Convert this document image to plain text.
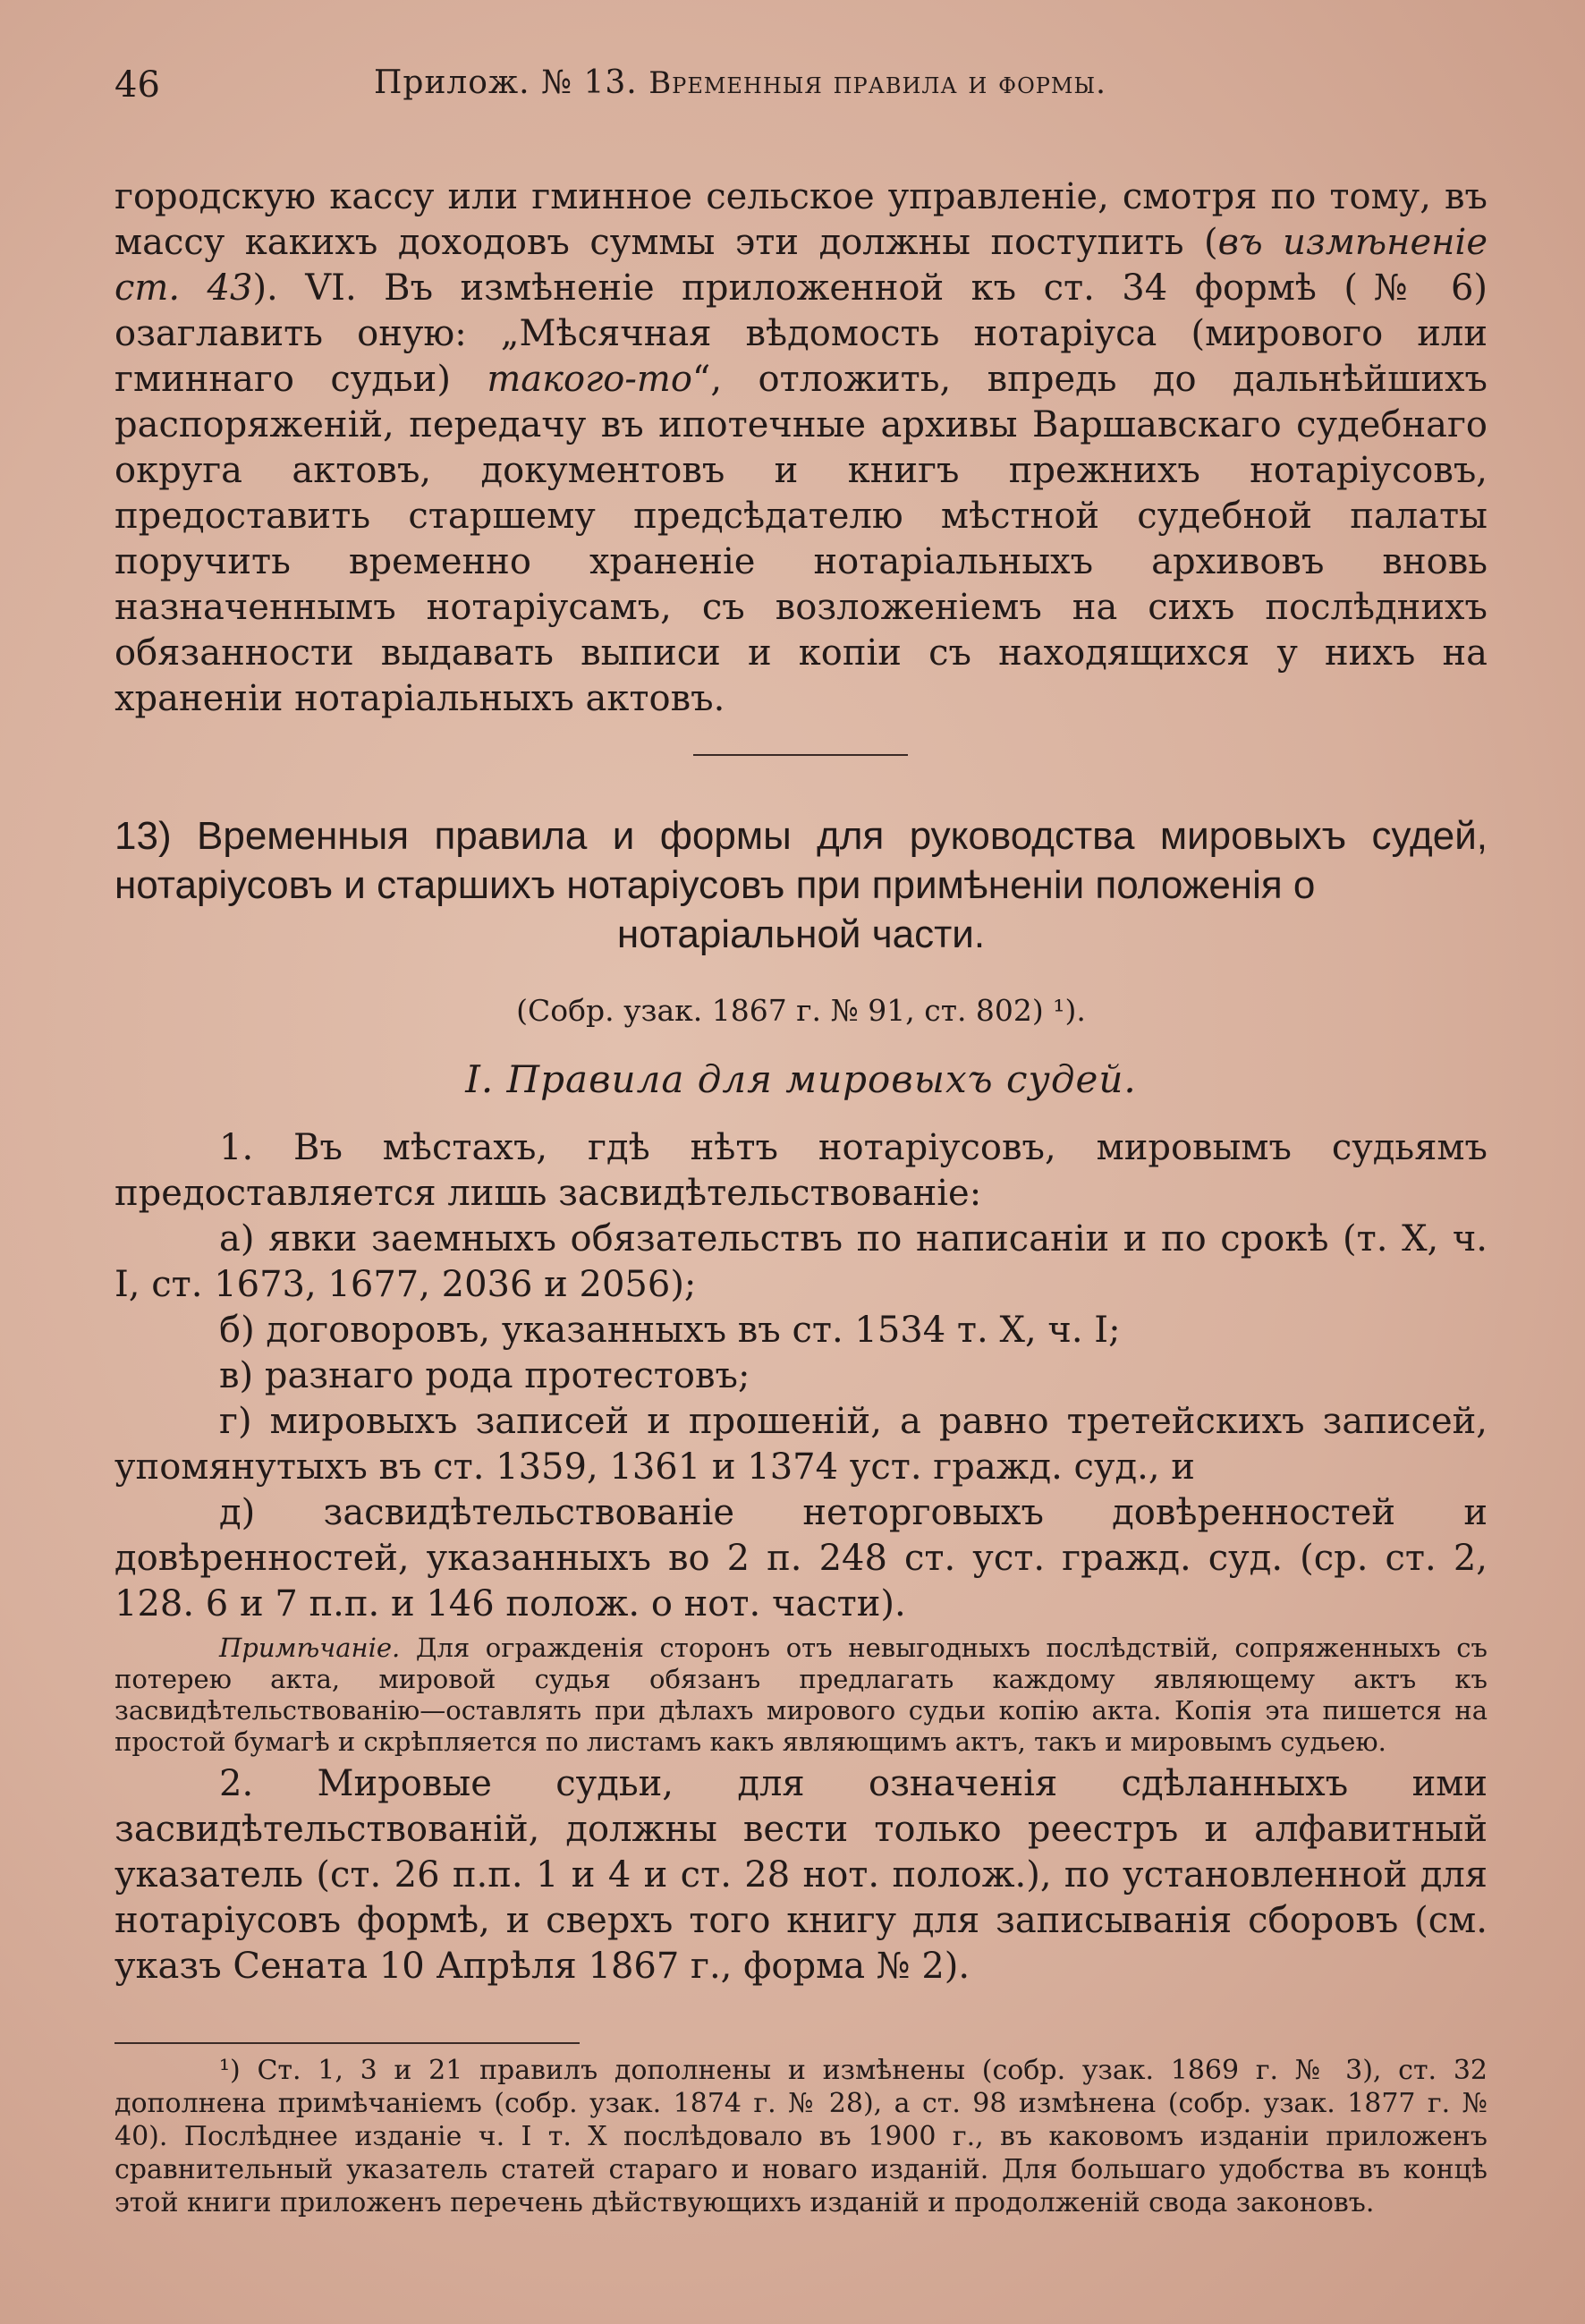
46	Прилож. № 13. Временныя правила и формы.

городскую кассу или гминное сельское управленіе, смотря по тому, въ массу какихъ доходовъ суммы эти должны поступить (въ измѣненіе ст. 43). VI. Въ измѣненіе приложенной къ ст. 34 формѣ (№ 6) озаглавить оную: „Мѣсячная вѣдомость нотаріуса (мирового или гминнаго судьи) такого-то“, отложить, впредь до дальнѣйшихъ распоряженій, передачу въ ипотечные архивы Варшавскаго судебнаго округа актовъ, документовъ и книгъ прежнихъ нотаріусовъ, предоставить старшему предсѣдателю мѣстной судебной палаты поручить временно храненіе нотаріальныхъ архивовъ вновь назначеннымъ нотаріусамъ, съ возложеніемъ на сихъ послѣднихъ обязанности выдавать выписи и копіи съ находящихся у нихъ на храненіи нотаріальныхъ актовъ.

13) Временныя правила и формы для руководства мировыхъ судей, нотаріусовъ и старшихъ нотаріусовъ при примѣненіи положенія о
нотаріальной части.
(Собр. узак. 1867 г. № 91, ст. 802) ¹).
I. Правила для мировыхъ судей.

1. Въ мѣстахъ, гдѣ нѣтъ нотаріусовъ, мировымъ судьямъ предоставляется лишь засвидѣтельствованіе:

а) явки заемныхъ обязательствъ по написаніи и по срокѣ (т. X, ч. I, ст. 1673, 1677, 2036 и 2056);

б) договоровъ, указанныхъ въ ст. 1534 т. X, ч. I;

в) разнаго рода протестовъ;

г) мировыхъ записей и прошеній, а равно третейскихъ записей, упомянутыхъ въ ст. 1359, 1361 и 1374 уст. гражд. суд., и

д) засвидѣтельствованіе неторговыхъ довѣренностей и довѣренностей, указанныхъ во 2 п. 248 ст. уст. гражд. суд. (ср. ст. 2, 128. 6 и 7 п.п. и 146 полож. о нот. части).

Примѣчаніе. Для огражденія сторонъ отъ невыгодныхъ послѣдствій, сопряженныхъ съ потерею акта, мировой судья обязанъ предлагать каждому являющему актъ къ засвидѣтельствованію—оставлять при дѣлахъ мирового судьи копію акта. Копія эта пишется на простой бумагѣ и скрѣпляется по листамъ какъ являющимъ актъ, такъ и мировымъ судьею.

2. Мировые судьи, для означенія сдѣланныхъ ими засвидѣтельствованій, должны вести только реестръ и алфавитный указатель (ст. 26 п.п. 1 и 4 и ст. 28 нот. полож.), по установленной для нотаріусовъ формѣ, и сверхъ того книгу для записыванія сборовъ (см. указъ Сената 10 Апрѣля 1867 г., форма № 2).

¹) Ст. 1, 3 и 21 правилъ дополнены и измѣнены (собр. узак. 1869 г. № 3), ст. 32 дополнена примѣчаніемъ (собр. узак. 1874 г. № 28), а ст. 98 измѣнена (собр. узак. 1877 г. № 40). Послѣднее изданіе ч. I т. X послѣдовало въ 1900 г., въ каковомъ изданіи приложенъ сравнительный указатель статей стараго и новаго изданій. Для большаго удобства въ концѣ этой книги приложенъ перечень дѣйствующихъ изданій и продолженій свода законовъ.
